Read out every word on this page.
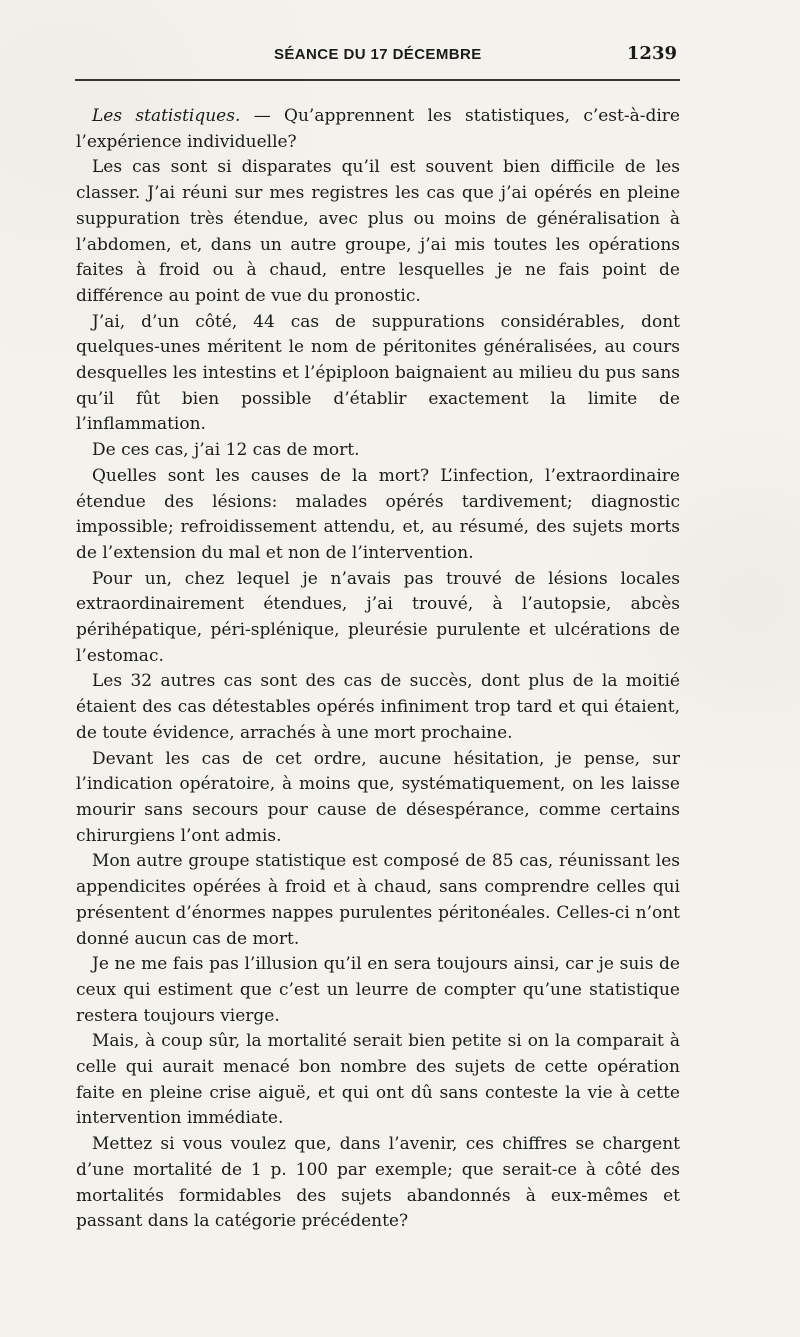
SÉANCE DU 17 DÉCEMBRE	1239

Les statistiques. — Qu’apprennent les statistiques, c’est-à-dire l’expérience individuelle?

Les cas sont si disparates qu’il est souvent bien difficile de les classer. J’ai réuni sur mes registres les cas que j’ai opérés en pleine suppuration très étendue, avec plus ou moins de généralisation à l’abdomen, et, dans un autre groupe, j’ai mis toutes les opérations faites à froid ou à chaud, entre lesquelles je ne fais point de différence au point de vue du pronostic.

J’ai, d’un côté, 44 cas de suppurations considérables, dont quelques-unes méritent le nom de péritonites généralisées, au cours desquelles les intestins et l’épiploon baignaient au milieu du pus sans qu’il fût bien possible d’établir exactement la limite de l’inflammation.

De ces cas, j’ai 12 cas de mort.

Quelles sont les causes de la mort? L’infection, l’extraordinaire étendue des lésions: malades opérés tardivement; diagnostic impossible; refroidissement attendu, et, au résumé, des sujets morts de l’extension du mal et non de l’intervention.

Pour un, chez lequel je n’avais pas trouvé de lésions locales extraordinairement étendues, j’ai trouvé, à l’autopsie, abcès périhépatique, péri-splénique, pleurésie purulente et ulcérations de l’estomac.

Les 32 autres cas sont des cas de succès, dont plus de la moitié étaient des cas détestables opérés infiniment trop tard et qui étaient, de toute évidence, arrachés à une mort prochaine.

Devant les cas de cet ordre, aucune hésitation, je pense, sur l’indication opératoire, à moins que, systématiquement, on les laisse mourir sans secours pour cause de désespérance, comme certains chirurgiens l’ont admis.

Mon autre groupe statistique est composé de 85 cas, réunissant les appendicites opérées à froid et à chaud, sans comprendre celles qui présentent d’énormes nappes purulentes péritonéales. Celles-ci n’ont donné aucun cas de mort.

Je ne me fais pas l’illusion qu’il en sera toujours ainsi, car je suis de ceux qui estiment que c’est un leurre de compter qu’une statistique restera toujours vierge.

Mais, à coup sûr, la mortalité serait bien petite si on la comparait à celle qui aurait menacé bon nombre des sujets de cette opération faite en pleine crise aiguë, et qui ont dû sans conteste la vie à cette intervention immédiate.

Mettez si vous voulez que, dans l’avenir, ces chiffres se chargent d’une mortalité de 1 p. 100 par exemple; que serait-ce à côté des mortalités formidables des sujets abandonnés à eux-mêmes et passant dans la catégorie précédente?
